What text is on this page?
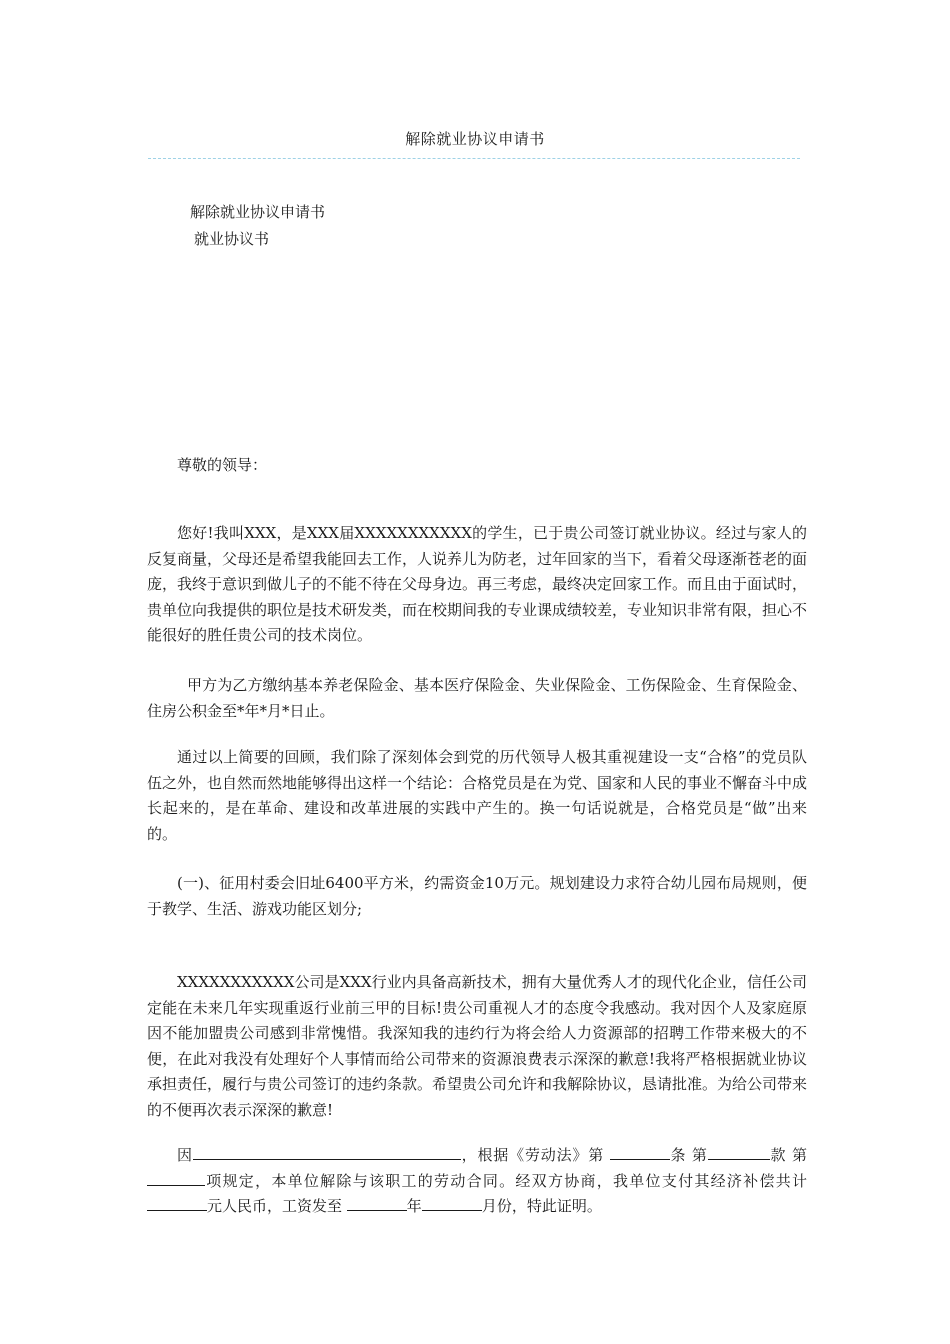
解除就业协议申请书
解除就业协议申请书
就业协议书
尊敬的领导：
您好!我叫XXX，是XXX届XXXXXXXXXXX的学生，已于贵公司签订就业协议。经过与家人的反复商量，父母还是希望我能回去工作，人说养儿为防老，过年回家的当下，看着父母逐渐苍老的面庞，我终于意识到做儿子的不能不待在父母身边。再三考虑，最终决定回家工作。而且由于面试时，贵单位向我提供的职位是技术研发类，而在校期间我的专业课成绩较差，专业知识非常有限，担心不能很好的胜任贵公司的技术岗位。
甲方为乙方缴纳基本养老保险金、基本医疗保险金、失业保险金、工伤保险金、生育保险金、住房公积金至*年*月*日止。
通过以上简要的回顾，我们除了深刻体会到党的历代领导人极其重视建设一支“合格”的党员队伍之外，也自然而然地能够得出这样一个结论：合格党员是在为党、国家和人民的事业不懈奋斗中成长起来的，是在革命、建设和改革进展的实践中产生的。换一句话说就是，合格党员是“做”出来的。
(一)、征用村委会旧址6400平方米，约需资金10万元。规划建设力求符合幼儿园布局规则，便于教学、生活、游戏功能区划分;
XXXXXXXXXXX公司是XXX行业内具备高新技术，拥有大量优秀人才的现代化企业，信任公司定能在未来几年实现重返行业前三甲的目标!贵公司重视人才的态度令我感动。我对因个人及家庭原因不能加盟贵公司感到非常愧惜。我深知我的违约行为将会给人力资源部的招聘工作带来极大的不便，在此对我没有处理好个人事情而给公司带来的资源浪费表示深深的歉意!我将严格根据就业协议承担责任，履行与贵公司签订的违约条款。希望贵公司允许和我解除协议，恳请批准。为给公司带来的不便再次表示深深的歉意!
因	，根据《劳动法》第	条 第	款 第项规定，本单位解除与该职工的劳动合同。经双方协商，我单位支付其经济补偿共计元人民币，工资发至	年	月份，特此证明。
